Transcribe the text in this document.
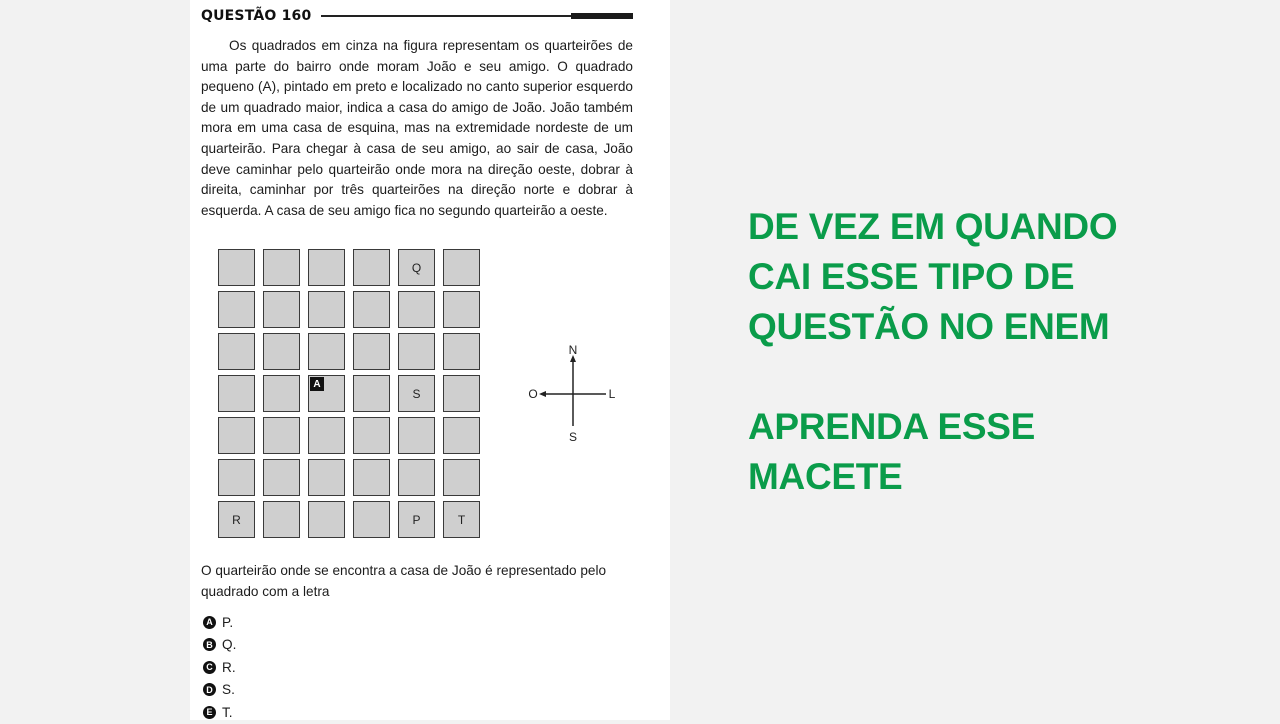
QUESTÃO 160

Os quadrados em cinza na figura representam os quarteirões de uma parte do bairro onde moram João e seu amigo. O quadrado pequeno (A), pintado em preto e localizado no canto superior esquerdo de um quadrado maior, indica a casa do amigo de João. João também mora em uma casa de esquina, mas na extremidade nordeste de um quarteirão. Para chegar à casa de seu amigo, ao sair de casa, João deve caminhar pelo quarteirão onde mora na direção oeste, dobrar à direita, caminhar por três quarteirões na direção norte e dobrar à esquerda. A casa de seu amigo fica no segundo quarteirão a oeste.

Q
A
S
R	P	T
N
S
O	L

O quarteirão onde se encontra a casa de João é representado pelo quadrado com a letra

A P.
B Q.
C R.
D S.
E T.
DE VEZ EM QUANDO
CAI ESSE TIPO DE
QUESTÃO NO ENEM
APRENDA ESSE
MACETE
